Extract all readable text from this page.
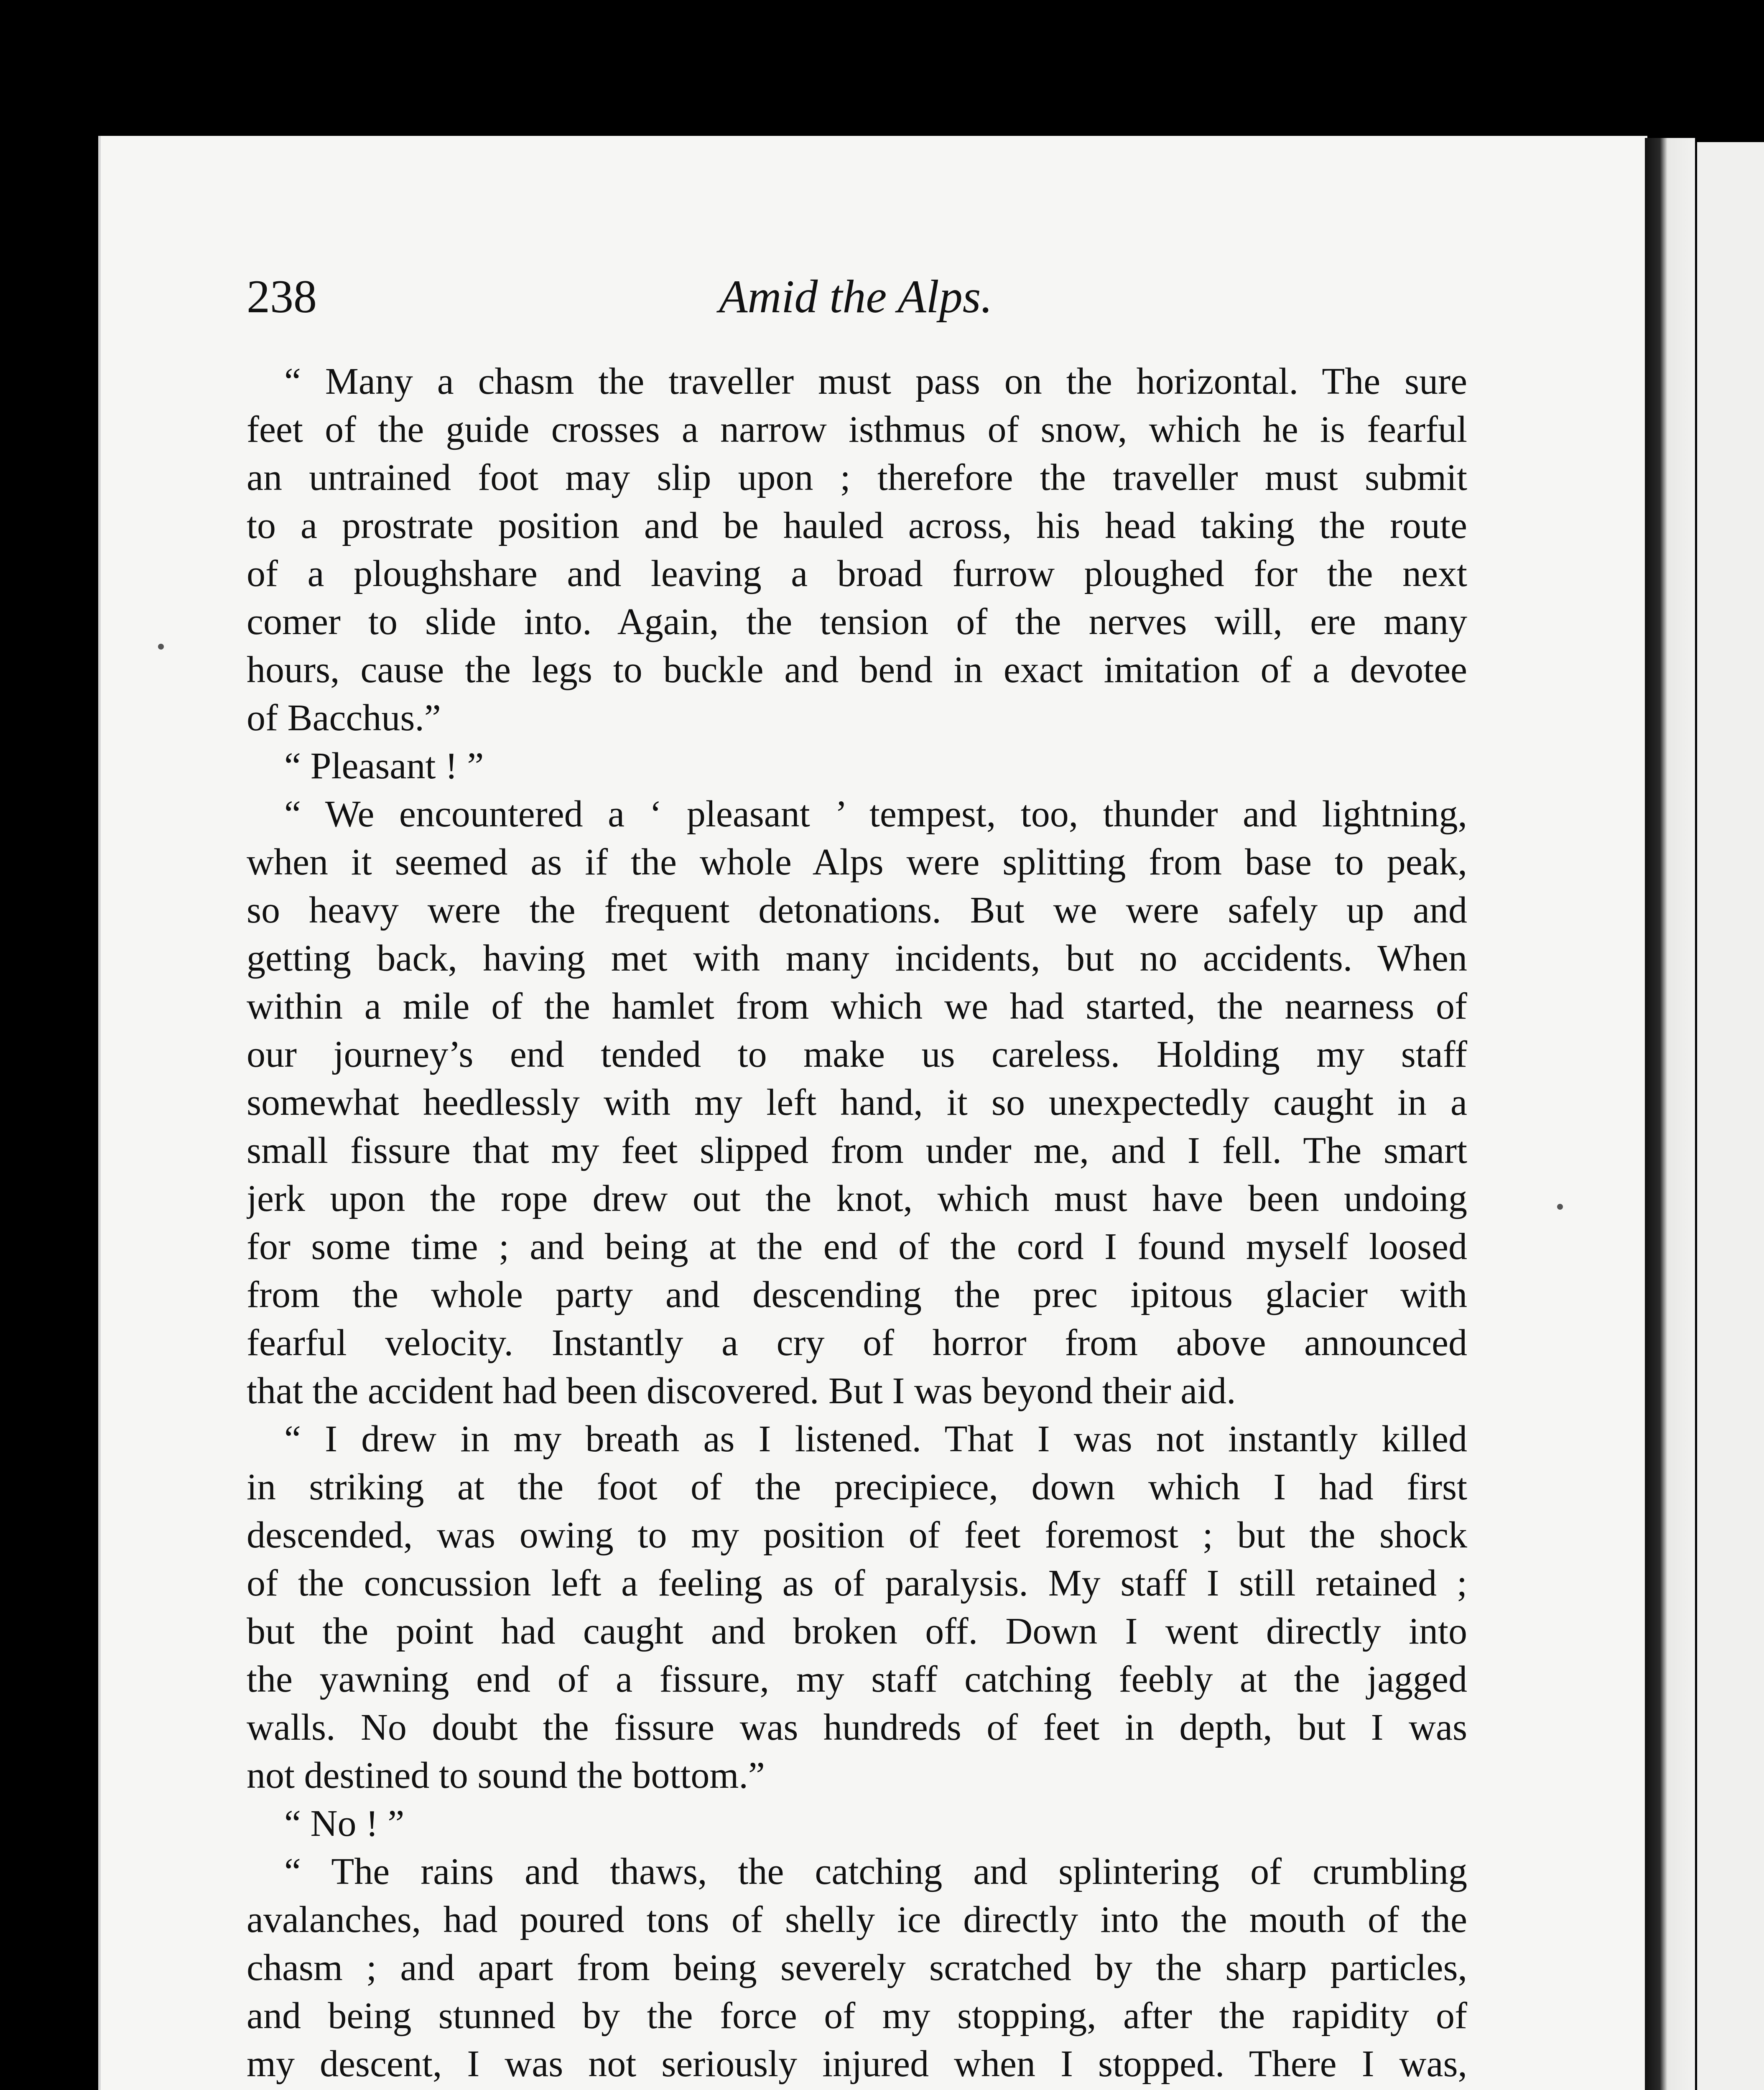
238	Amid the Alps.
“ Many a chasm the traveller must pass on the horizontal. The sure
feet of the guide crosses a narrow isthmus of snow, which he is fearful
an untrained foot may slip upon ; therefore the traveller must submit
to a prostrate position and be hauled across, his head taking the route
of a ploughshare and leaving a broad furrow ploughed for the next
comer to slide into. Again, the tension of the nerves will, ere many
hours, cause the legs to buckle and bend in exact imitation of a devotee
of Bacchus.”
“ Pleasant ! ”
“ We encountered a ‘ pleasant ’ tempest, too, thunder and lightning,
when it seemed as if the whole Alps were splitting from base to peak,
so heavy were the frequent detonations. But we were safely up and
getting back, having met with many incidents, but no accidents. When
within a mile of the hamlet from which we had started, the nearness of
our journey’s end tended to make us careless. Holding my staff
somewhat heedlessly with my left hand, it so unexpectedly caught in a
small fissure that my feet slipped from under me, and I fell. The smart
jerk upon the rope drew out the knot, which must have been undoing
for some time ; and being at the end of the cord I found myself loosed
from the whole party and descending the prec ipitous glacier with
fearful velocity. Instantly a cry of horror from above announced
that the accident had been discovered. But I was beyond their aid.
“ I drew in my breath as I listened. That I was not instantly killed
in striking at the foot of the precipiece, down which I had first
descended, was owing to my position of feet foremost ; but the shock
of the concussion left a feeling as of paralysis. My staff I still retained ;
but the point had caught and broken off. Down I went directly into
the yawning end of a fissure, my staff catching feebly at the jagged
walls. No doubt the fissure was hundreds of feet in depth, but I was
not destined to sound the bottom.”
“ No ! ”
“ The rains and thaws, the catching and splintering of crumbling
avalanches, had poured tons of shelly ice directly into the mouth of the
chasm ; and apart from being severely scratched by the sharp particles,
and being stunned by the force of my stopping, after the rapidity of
my descent, I was not seriously injured when I stopped. There I was,
